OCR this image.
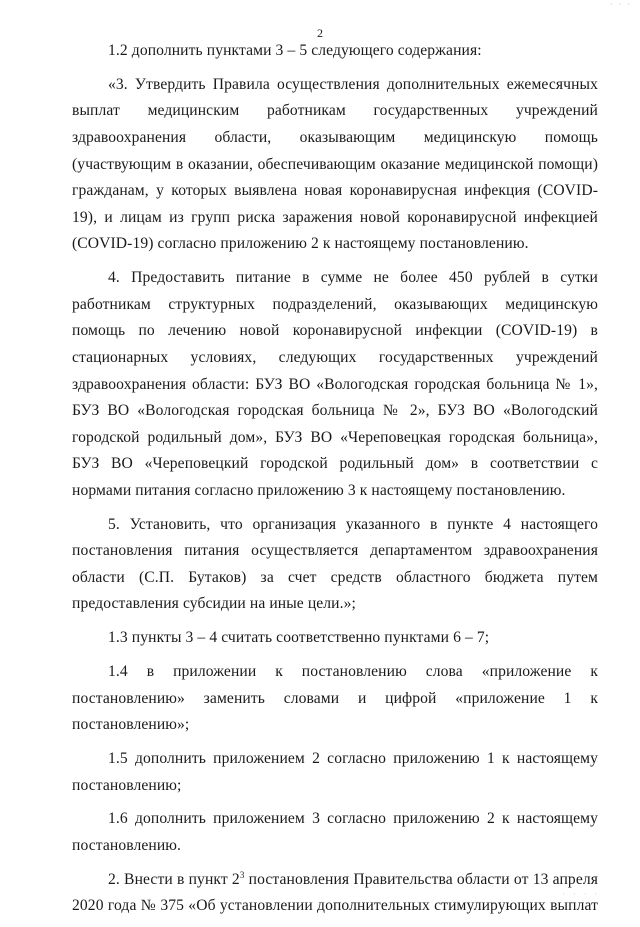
· · ·
2

1.2 дополнить пунктами 3 – 5 следующего содержания:

«3. Утвердить Правила осуществления дополнительных ежемесячных выплат медицинским работникам государственных учреждений здравоохранения области, оказывающим медицинскую помощь (участвующим в оказании, обеспечивающим оказание медицинской помощи) гражданам, у которых выявлена новая коронавирусная инфекция (COVID-19), и лицам из групп риска заражения новой коронавирусной инфекцией (COVID-19) согласно приложению 2 к настоящему постановлению.

4. Предоставить питание в сумме не более 450 рублей в сутки работникам структурных подразделений, оказывающих медицинскую помощь по лечению новой коронавирусной инфекции (COVID-19) в стационарных условиях, следующих государственных учреждений здравоохранения области: БУЗ ВО «Вологодская городская больница № 1», БУЗ ВО «Вологодская городская больница № 2», БУЗ ВО «Вологодский городской родильный дом», БУЗ ВО «Череповецкая городская больница», БУЗ ВО «Череповецкий городской родильный дом» в соответствии с нормами питания согласно приложению 3 к настоящему постановлению.

5. Установить, что организация указанного в пункте 4 настоящего постановления питания осуществляется департаментом здравоохранения области (С.П. Бутаков) за счет средств областного бюджета путем предоставления субсидии на иные цели.»;

1.3 пункты 3 – 4 считать соответственно пунктами 6 – 7;

1.4 в приложении к постановлению слова «приложение к постановлению» заменить словами и цифрой «приложение 1 к постановлению»;

1.5 дополнить приложением 2 согласно приложению 1 к настоящему постановлению;

1.6 дополнить приложением 3 согласно приложению 2 к настоящему постановлению.

2. Внести в пункт $2^3$ постановления Правительства области от 13 апреля 2020 года № 375 «Об установлении дополнительных стимулирующих выплат

· · · ·
